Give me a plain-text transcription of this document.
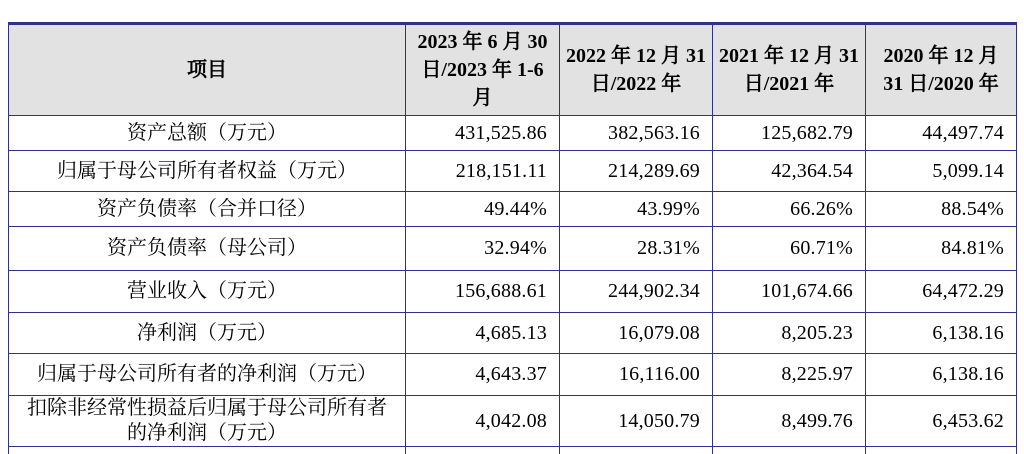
项目	2023 年 6 月 30 日/2023 年 1-6 月	2022 年 12 月 31 日/2022 年	2021 年 12 月 31 日/2021 年	2020 年 12 月 31 日/2020 年
资产总额（万元）	431,525.86	382,563.16	125,682.79	44,497.74
归属于母公司所有者权益（万元）	218,151.11	214,289.69	42,364.54	5,099.14
资产负债率（合并口径）	49.44%	43.99%	66.26%	88.54%
资产负债率（母公司）	32.94%	28.31%	60.71%	84.81%
营业收入（万元）	156,688.61	244,902.34	101,674.66	64,472.29
净利润（万元）	4,685.13	16,079.08	8,205.23	6,138.16
归属于母公司所有者的净利润（万元）	4,643.37	16,116.00	8,225.97	6,138.16
扣除非经常性损益后归属于母公司所有者的净利润（万元）	4,042.08	14,050.79	8,499.76	6,453.62
